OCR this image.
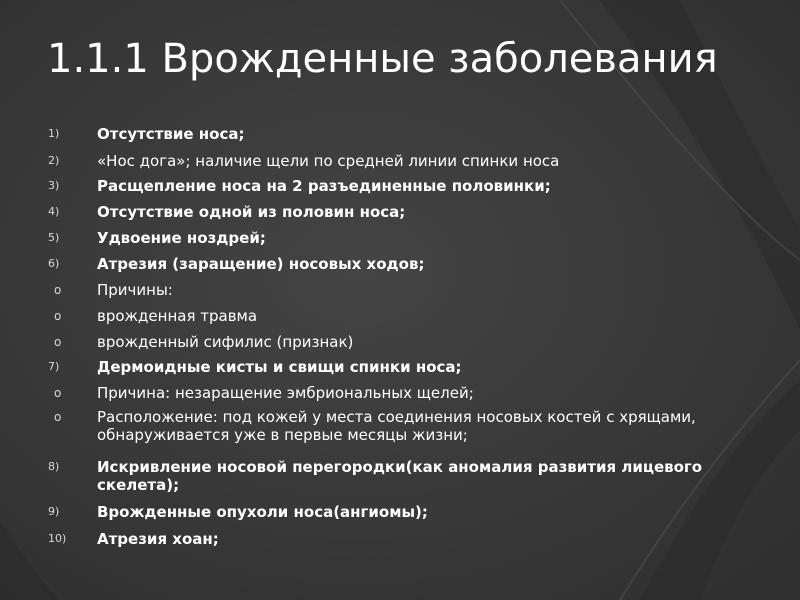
1.1.1 Врожденные заболевания
1)	Отсутствие носа;
2)	«Нос дога»; наличие щели по средней линии спинки носа
3)	Расщепление носа на 2 разъединенные половинки;
4)	Отсутствие одной из половин носа;
5)	Удвоение ноздрей;
6)	Атрезия (заращение) носовых ходов;
o Причины:
o врожденная травма
o врожденный сифилис (признак)
7)	Дермоидные кисты и свищи спинки носа;
o Причина: незаращение эмбриональных щелей;
o Расположение: под кожей у места соединения носовых костей с хрящами, обнаруживается уже в первые месяцы жизни;
8)	Искривление носовой перегородки(как аномалия развития лицевого скелета);
9)	Врожденные опухоли носа(ангиомы);
10) Атрезия хоан;
